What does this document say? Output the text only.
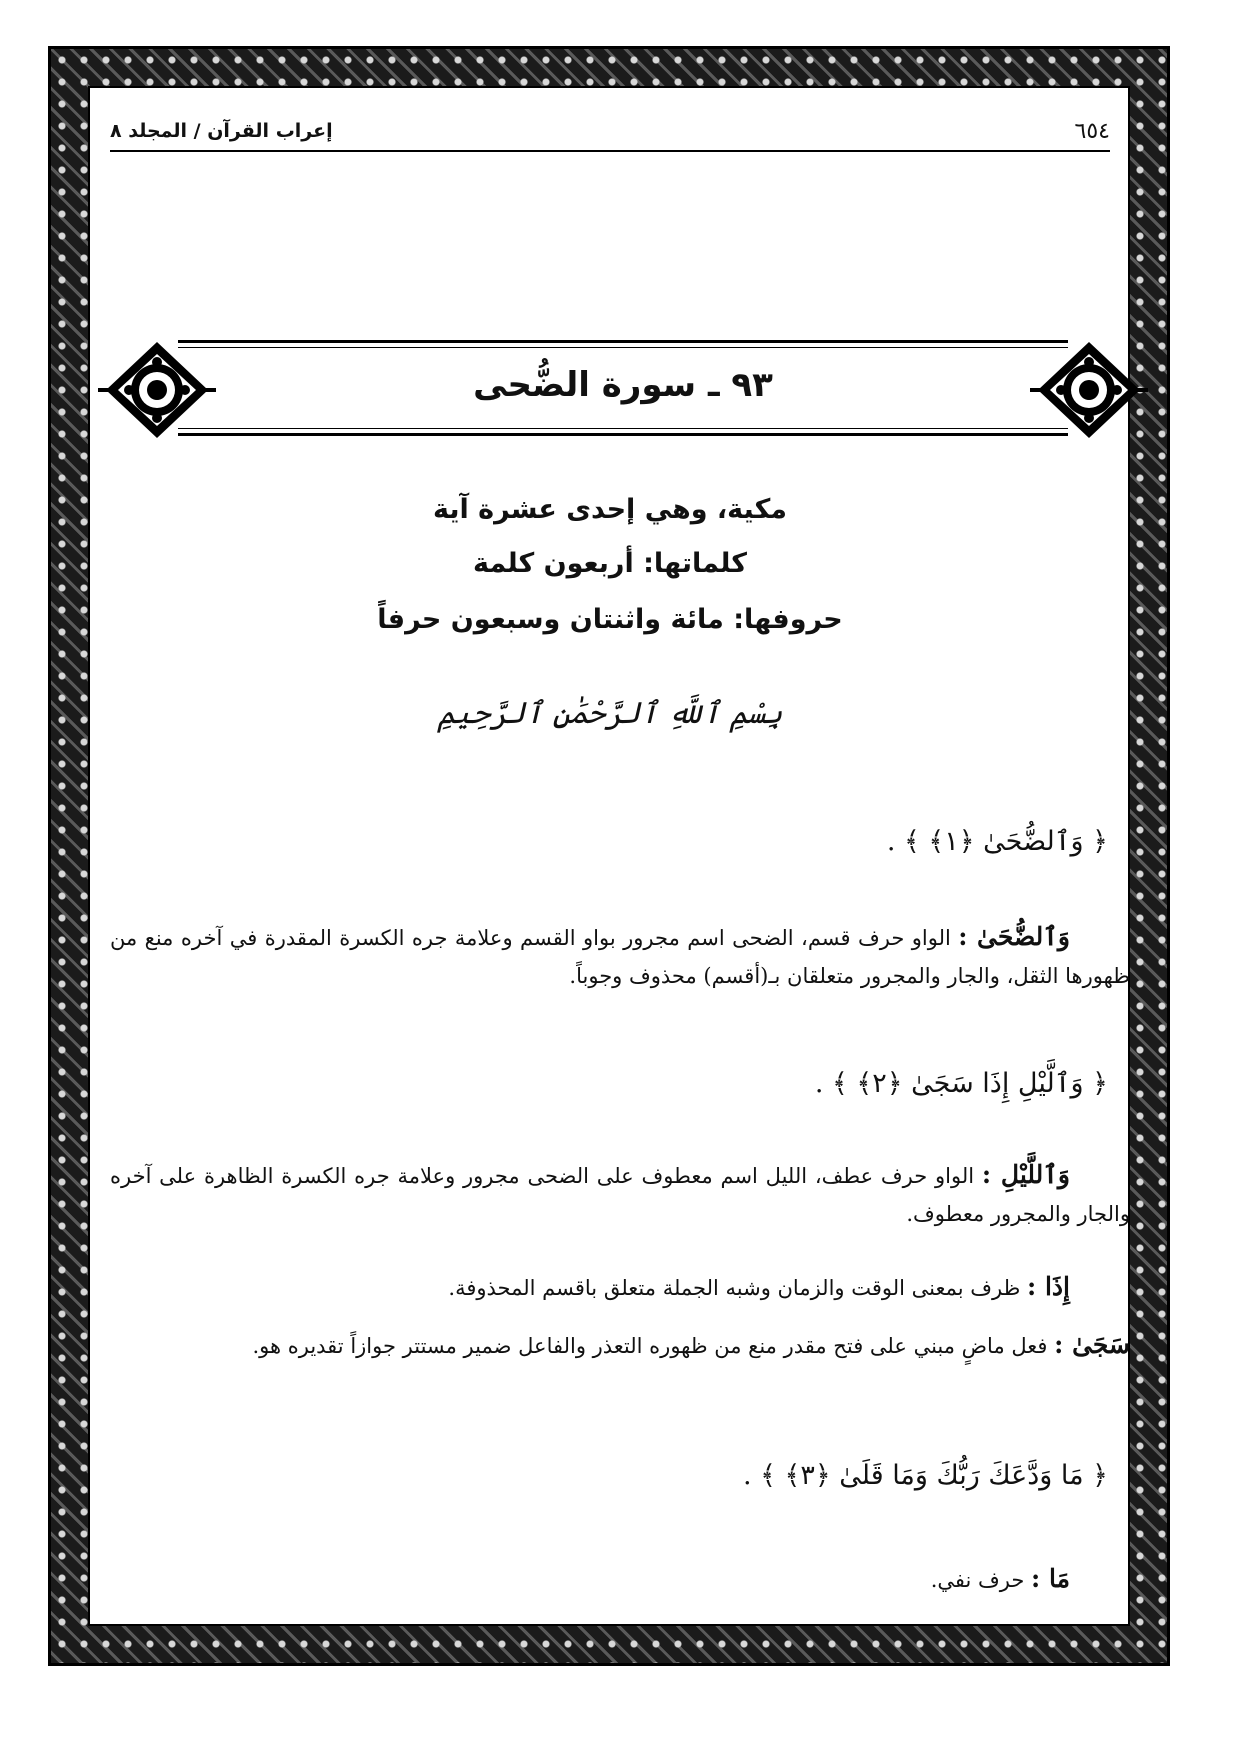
٦٥٤
إعراب القرآن / المجلد ٨
٩٣ ـ سورة الضُّحى
مكية، وهي إحدى عشرة آية
كلماتها: أربعون كلمة
حروفها: مائة واثنتان وسبعون حرفاً
بِسْمِ ٱللَّهِ ٱلرَّحْمَٰنِ ٱلرَّحِيمِ
﴿ وَٱلضُّحَىٰ ﴿١﴾ ﴾ .
وَٱلضُّحَىٰ : الواو حرف قسم، الضحى اسم مجرور بواو القسم وعلامة جره الكسرة المقدرة في آخره منع من ظهورها الثقل، والجار والمجرور متعلقان بـ(أقسم) محذوف وجوباً.
﴿ وَٱلَّيْلِ إِذَا سَجَىٰ ﴿٢﴾ ﴾ .
وَٱللَّيْلِ : الواو حرف عطف، الليل اسم معطوف على الضحى مجرور وعلامة جره الكسرة الظاهرة على آخره والجار والمجرور معطوف.
إِذَا : ظرف بمعنى الوقت والزمان وشبه الجملة متعلق باقسم المحذوفة.
سَجَىٰ : فعل ماضٍ مبني على فتح مقدر منع من ظهوره التعذر والفاعل ضمير مستتر جوازاً تقديره هو.
﴿ مَا وَدَّعَكَ رَبُّكَ وَمَا قَلَىٰ ﴿٣﴾ ﴾ .
مَا : حرف نفي.
